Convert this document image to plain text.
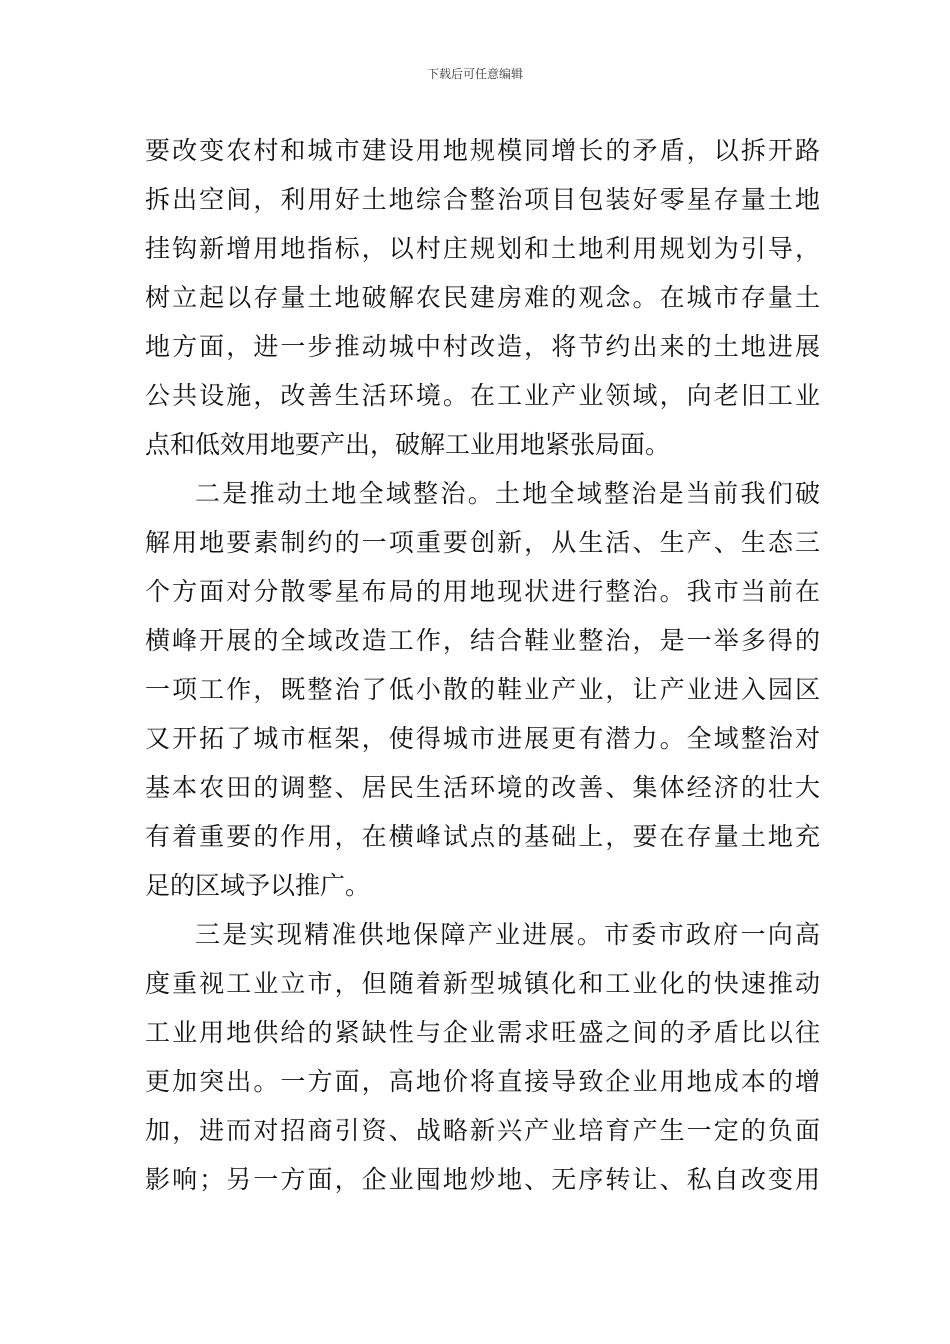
下载后可任意编辑
要改变农村和城市建设用地规模同增长的矛盾，以拆开路
拆出空间，利用好土地综合整治项目包装好零星存量土地
挂钩新增用地指标，以村庄规划和土地利用规划为引导，
树立起以存量土地破解农民建房难的观念。在城市存量土
地方面，进一步推动城中村改造，将节约出来的土地进展
公共设施，改善生活环境。在工业产业领域，向老旧工业
点和低效用地要产出，破解工业用地紧张局面。
二是推动土地全域整治。土地全域整治是当前我们破
解用地要素制约的一项重要创新，从生活、生产、生态三
个方面对分散零星布局的用地现状进行整治。我市当前在
横峰开展的全域改造工作，结合鞋业整治，是一举多得的
一项工作，既整治了低小散的鞋业产业，让产业进入园区
又开拓了城市框架，使得城市进展更有潜力。全域整治对
基本农田的调整、居民生活环境的改善、集体经济的壮大
有着重要的作用，在横峰试点的基础上，要在存量土地充
足的区域予以推广。
三是实现精准供地保障产业进展。市委市政府一向高
度重视工业立市，但随着新型城镇化和工业化的快速推动
工业用地供给的紧缺性与企业需求旺盛之间的矛盾比以往
更加突出。一方面，高地价将直接导致企业用地成本的增
加，进而对招商引资、战略新兴产业培育产生一定的负面
影响；另一方面，企业囤地炒地、无序转让、私自改变用
